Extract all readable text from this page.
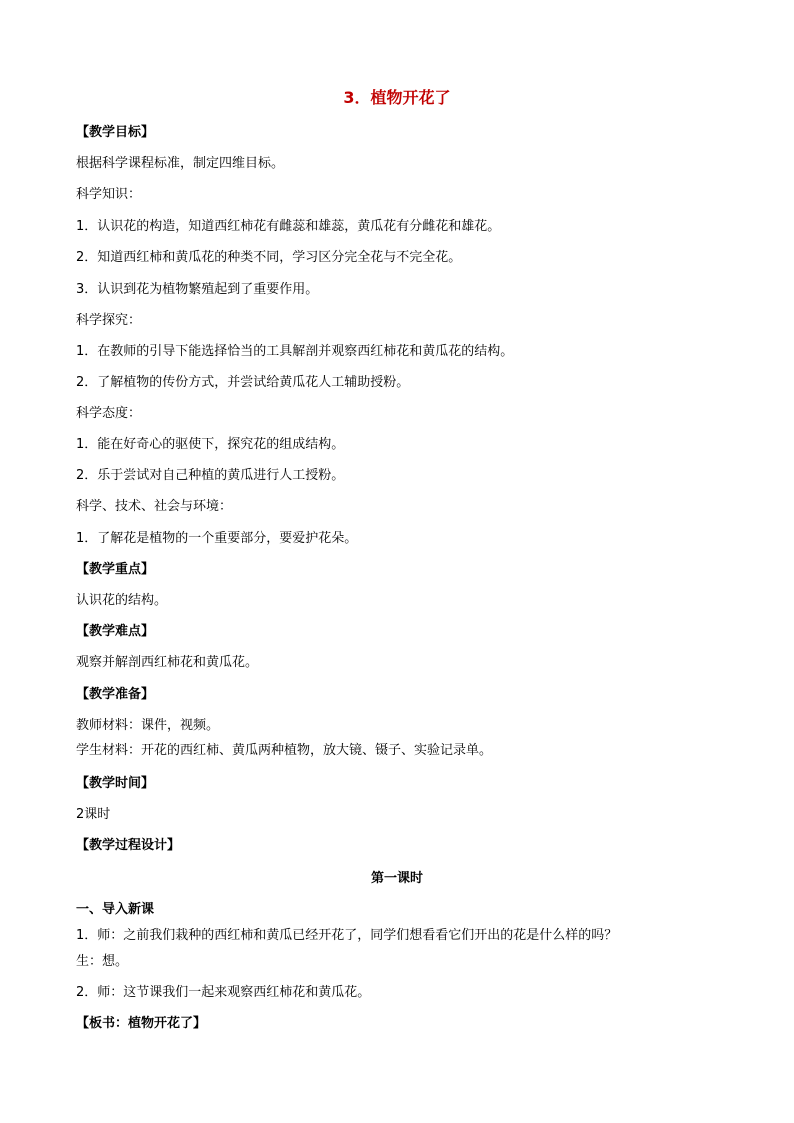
3．植物开花了
【教学目标】
根据科学课程标准，制定四维目标。
科学知识：
1．认识花的构造，知道西红柿花有雌蕊和雄蕊，黄瓜花有分雌花和雄花。
2．知道西红柿和黄瓜花的种类不同，学习区分完全花与不完全花。
3．认识到花为植物繁殖起到了重要作用。
科学探究：
1．在教师的引导下能选择恰当的工具解剖并观察西红柿花和黄瓜花的结构。
2．了解植物的传份方式，并尝试给黄瓜花人工辅助授粉。
科学态度：
1．能在好奇心的驱使下，探究花的组成结构。
2．乐于尝试对自己种植的黄瓜进行人工授粉。
科学、技术、社会与环境：
1．了解花是植物的一个重要部分，要爱护花朵。
【教学重点】
认识花的结构。
【教学难点】
观察并解剖西红柿花和黄瓜花。
【教学准备】
教师材料：课件，视频。
学生材料：开花的西红柿、黄瓜两种植物，放大镜、镊子、实验记录单。
【教学时间】
2课时
【教学过程设计】
第一课时
一、导入新课
1．师：之前我们栽种的西红柿和黄瓜已经开花了，同学们想看看它们开出的花是什么样的吗？
生：想。
2．师：这节课我们一起来观察西红柿花和黄瓜花。
【板书：植物开花了】
